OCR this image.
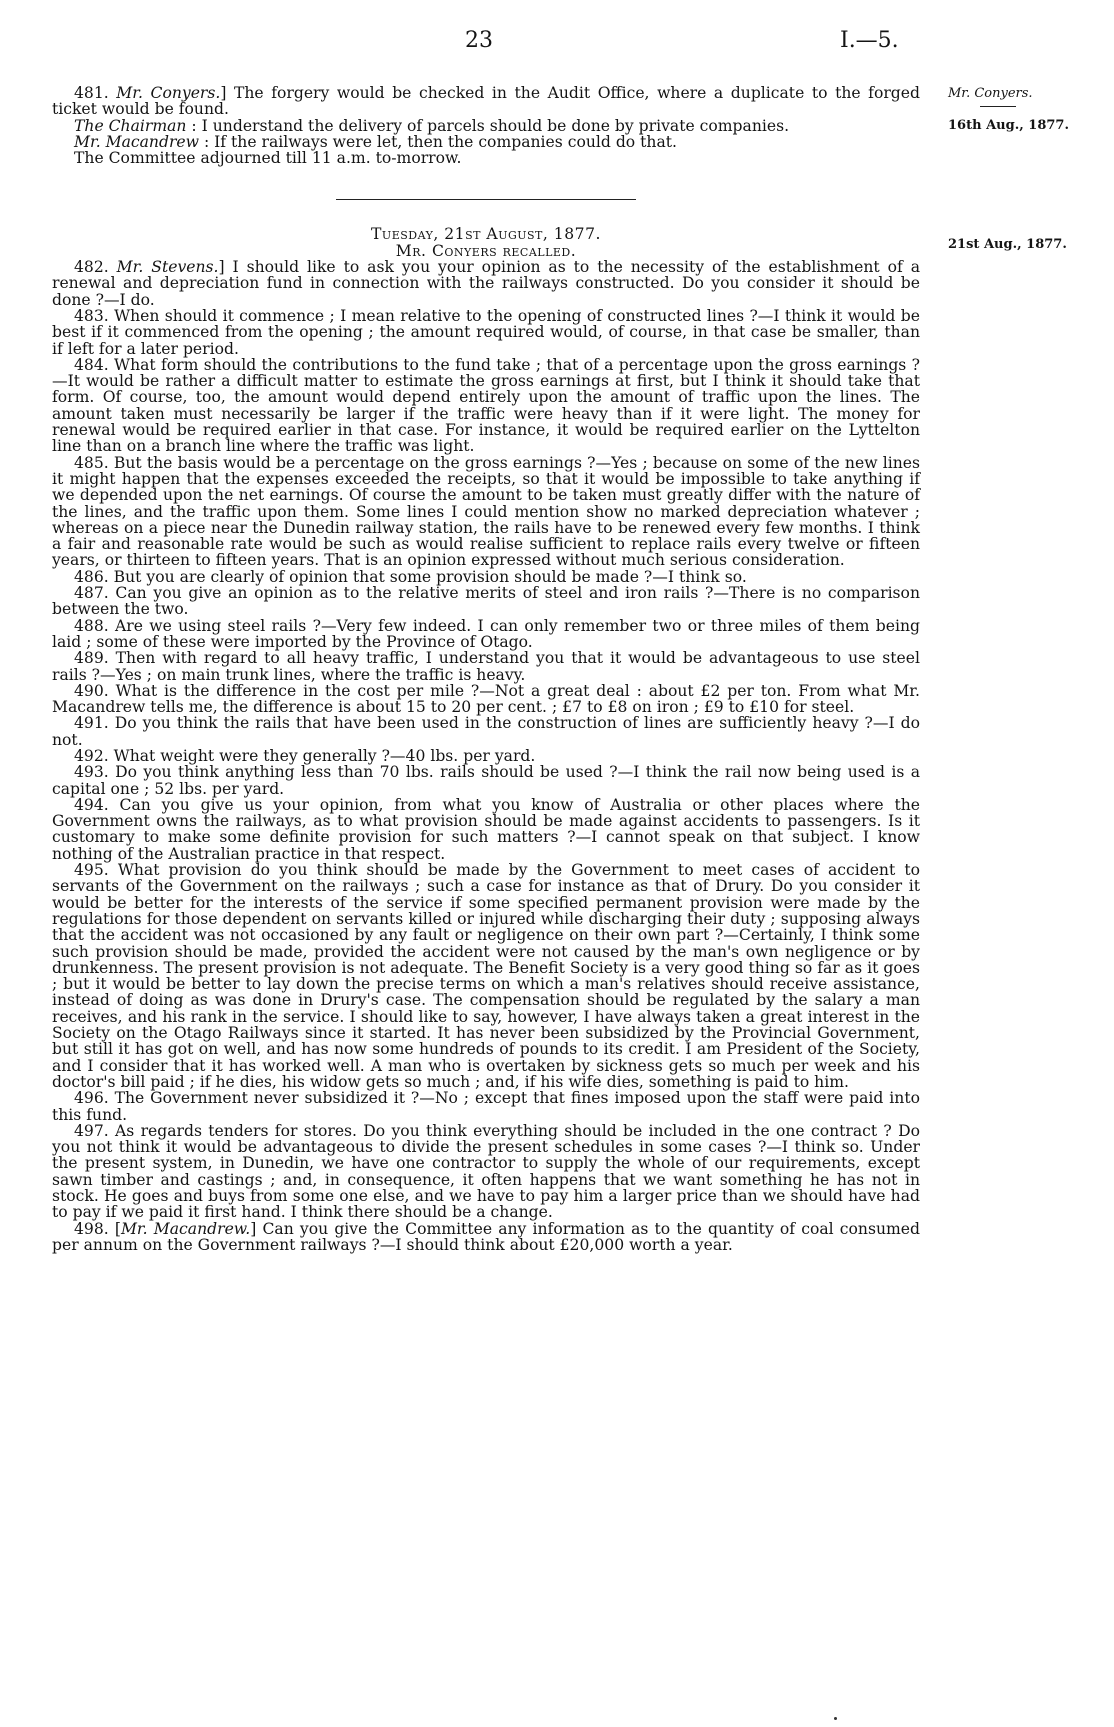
23	I.—5.
Mr. Conyers.
16th Aug., 1877.
21st Aug., 1877.

481. Mr. Conyers.] The forgery would be checked in the Audit Office, where a duplicate to the forged ticket would be found.

The Chairman : I understand the delivery of parcels should be done by private companies.

Mr. Macandrew : If the railways were let, then the companies could do that.

The Committee adjourned till 11 a.m. to-morrow.

Tuesday, 21st August, 1877.

Mr. Conyers recalled.

482. Mr. Stevens.] I should like to ask you your opinion as to the necessity of the establishment of a renewal and depreciation fund in connection with the railways constructed. Do you consider it should be done ?—I do.

483. When should it commence ; I mean relative to the opening of constructed lines ?—I think it would be best if it commenced from the opening ; the amount required would, of course, in that case be smaller, than if left for a later period.

484. What form should the contributions to the fund take ; that of a percentage upon the gross earnings ?—It would be rather a difficult matter to estimate the gross earnings at first, but I think it should take that form. Of course, too, the amount would depend entirely upon the amount of traffic upon the lines. The amount taken must necessarily be larger if the traffic were heavy than if it were light. The money for renewal would be required earlier in that case. For instance, it would be required earlier on the Lyttelton line than on a branch line where the traffic was light.

485. But the basis would be a percentage on the gross earnings ?—Yes ; because on some of the new lines it might happen that the expenses exceeded the receipts, so that it would be impossible to take anything if we depended upon the net earnings. Of course the amount to be taken must greatly differ with the nature of the lines, and the traffic upon them. Some lines I could mention show no marked depreciation whatever ; whereas on a piece near the Dunedin railway station, the rails have to be renewed every few months. I think a fair and reasonable rate would be such as would realise sufficient to replace rails every twelve or fifteen years, or thirteen to fifteen years. That is an opinion expressed without much serious consideration.

486. But you are clearly of opinion that some provision should be made ?—I think so.

487. Can you give an opinion as to the relative merits of steel and iron rails ?—There is no comparison between the two.

488. Are we using steel rails ?—Very few indeed. I can only remember two or three miles of them being laid ; some of these were imported by the Province of Otago.

489. Then with regard to all heavy traffic, I understand you that it would be advantageous to use steel rails ?—Yes ; on main trunk lines, where the traffic is heavy.

490. What is the difference in the cost per mile ?—Not a great deal : about £2 per ton. From what Mr. Macandrew tells me, the difference is about 15 to 20 per cent. ; £7 to £8 on iron ; £9 to £10 for steel.

491. Do you think the rails that have been used in the construction of lines are sufficiently heavy ?—I do not.

492. What weight were they generally ?—40 lbs. per yard.

493. Do you think anything less than 70 lbs. rails should be used ?—I think the rail now being used is a capital one ; 52 lbs. per yard.

494. Can you give us your opinion, from what you know of Australia or other places where the Government owns the railways, as to what provision should be made against accidents to passengers. Is it customary to make some definite provision for such matters ?—I cannot speak on that subject. I know nothing of the Australian practice in that respect.

495. What provision do you think should be made by the Government to meet cases of accident to servants of the Government on the railways ; such a case for instance as that of Drury. Do you consider it would be better for the interests of the service if some specified permanent provision were made by the regulations for those dependent on servants killed or injured while discharging their duty ; supposing always that the accident was not occasioned by any fault or negligence on their own part ?—Certainly, I think some such provision should be made, provided the accident were not caused by the man's own negligence or by drunkenness. The present provision is not adequate. The Benefit Society is a very good thing so far as it goes ; but it would be better to lay down the precise terms on which a man's relatives should receive assistance, instead of doing as was done in Drury's case. The compensation should be regulated by the salary a man receives, and his rank in the service. I should like to say, however, I have always taken a great interest in the Society on the Otago Railways since it started. It has never been subsidized by the Provincial Government, but still it has got on well, and has now some hundreds of pounds to its credit. I am President of the Society, and I consider that it has worked well. A man who is overtaken by sickness gets so much per week and his doctor's bill paid ; if he dies, his widow gets so much ; and, if his wife dies, something is paid to him.

496. The Government never subsidized it ?—No ; except that fines imposed upon the staff were paid into this fund.

497. As regards tenders for stores. Do you think everything should be included in the one contract ? Do you not think it would be advantageous to divide the present schedules in some cases ?—I think so. Under the present system, in Dunedin, we have one contractor to supply the whole of our requirements, except sawn timber and castings ; and, in consequence, it often happens that we want something he has not in stock. He goes and buys from some one else, and we have to pay him a larger price than we should have had to pay if we paid it first hand. I think there should be a change.

498. [Mr. Macandrew.] Can you give the Committee any information as to the quantity of coal consumed per annum on the Government railways ?—I should think about £20,000 worth a year.
